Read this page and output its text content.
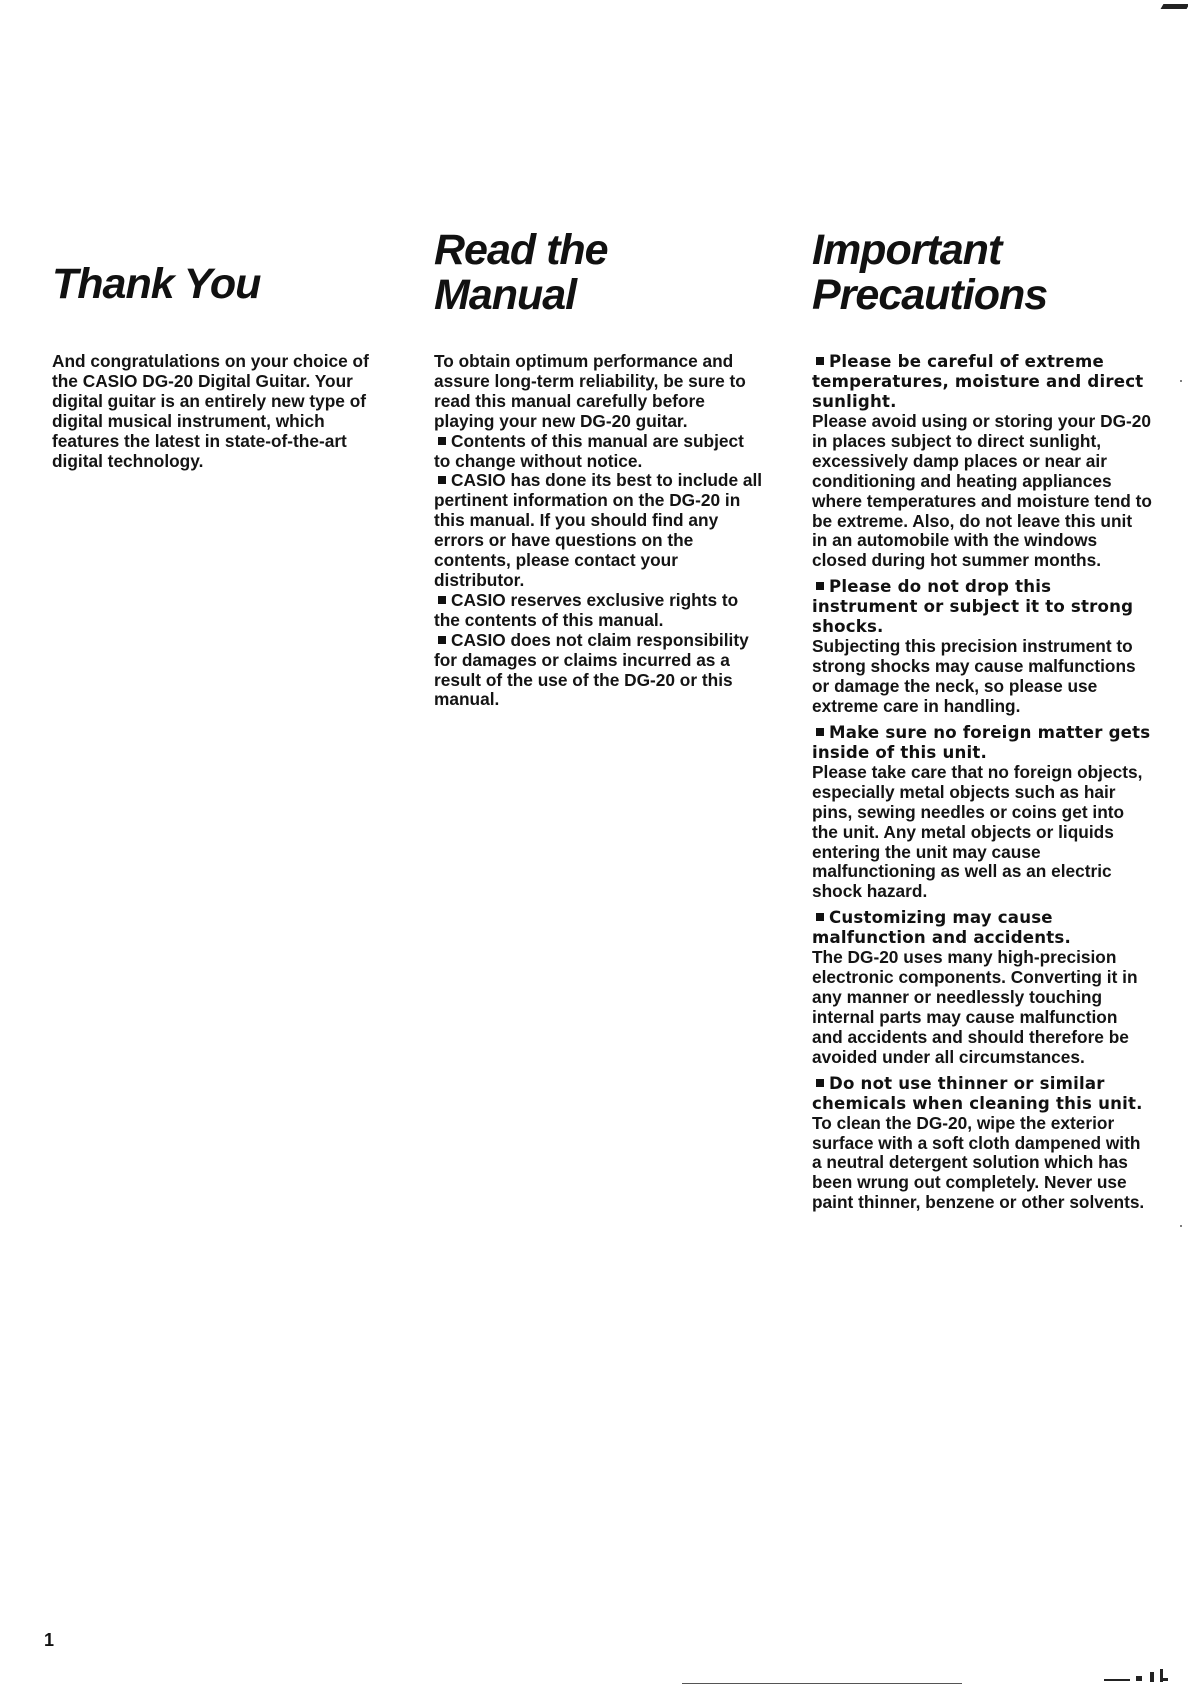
Thank You

And congratulations on your choice of the CASIO DG-20 Digital Guitar. Your digital guitar is an entirely new type of digital musical instrument, which features the latest in state-of-the-art digital technology.

Read the
Manual

To obtain optimum performance and assure long-term reliability, be sure to read this manual carefully before playing your new DG-20 guitar.

Contents of this manual are subject to change without notice.

CASIO has done its best to include all pertinent information on the DG-20 in this manual. If you should find any errors or have questions on the contents, please contact your distributor.

CASIO reserves exclusive rights to the contents of this manual.

CASIO does not claim responsibility for damages or claims incurred as a result of the use of the DG-20 or this manual.

Important
Precautions
Please be careful of extreme temperatures, moisture and direct sunlight.
Please avoid using or storing your DG-20 in places subject to direct sunlight, excessively damp places or near air conditioning and heating appliances where temperatures and moisture tend to be extreme. Also, do not leave this unit in an automobile with the windows closed during hot summer months.
Please do not drop this instrument or subject it to strong shocks.
Subjecting this precision instrument to strong shocks may cause malfunctions or damage the neck, so please use extreme care in handling.
Make sure no foreign matter gets inside of this unit.
Please take care that no foreign objects, especially metal objects such as hair pins, sewing needles or coins get into the unit. Any metal objects or liquids entering the unit may cause malfunctioning as well as an electric shock hazard.
Customizing may cause malfunction and accidents.
The DG-20 uses many high-precision electronic components. Converting it in any manner or needlessly touching internal parts may cause malfunction and accidents and should therefore be avoided under all circumstances.
Do not use thinner or similar chemicals when cleaning this unit.
To clean the DG-20, wipe the exterior surface with a soft cloth dampened with a neutral detergent solution which has been wrung out completely. Never use paint thinner, benzene or other solvents.
1
